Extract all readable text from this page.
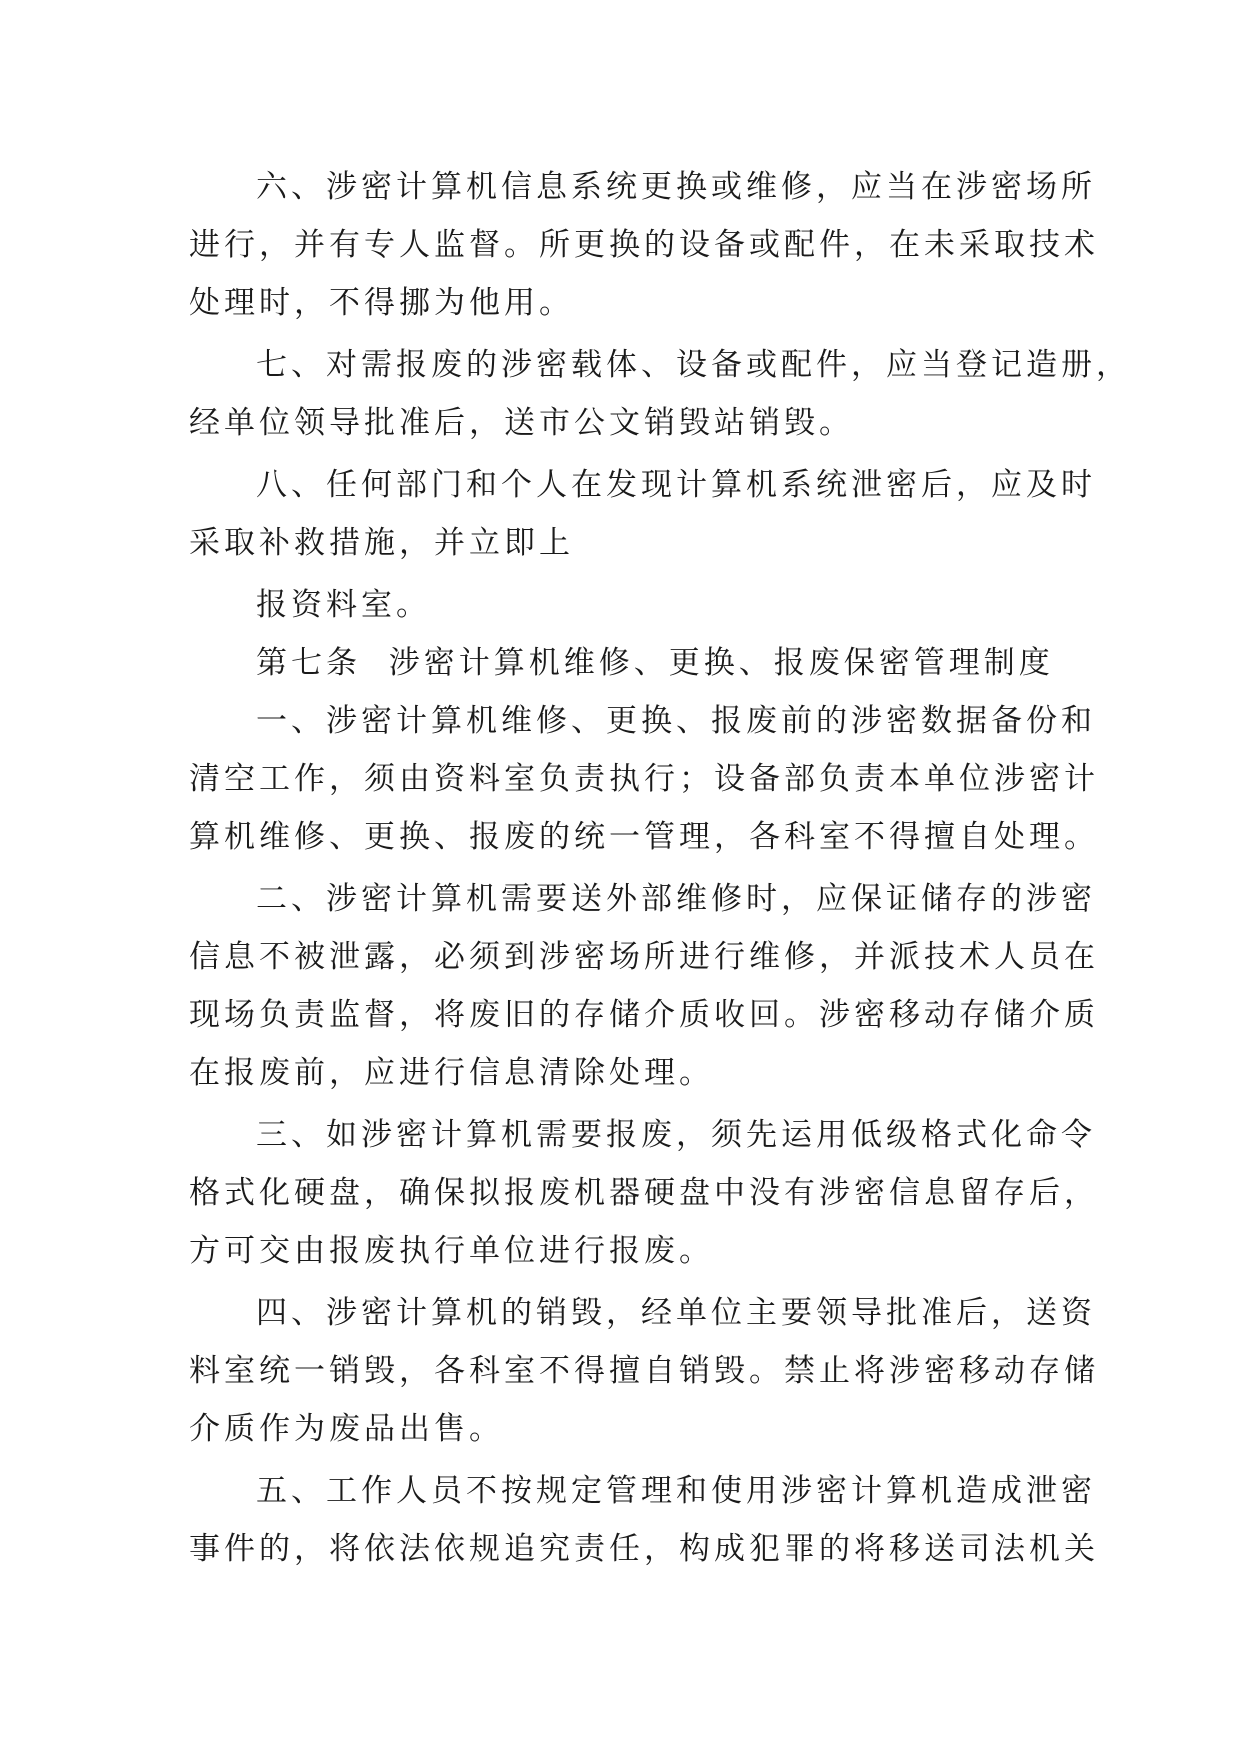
六、涉密计算机信息系统更换或维修，应当在涉密场所
进行，并有专人监督。所更换的设备或配件，在未采取技术
处理时，不得挪为他用。
七、对需报废的涉密载体、设备或配件，应当登记造册，
经单位领导批准后，送市公文销毁站销毁。
八、任何部门和个人在发现计算机系统泄密后，应及时
采取补救措施，并立即上
报资料室。
第七条  涉密计算机维修、更换、报废保密管理制度
一、涉密计算机维修、更换、报废前的涉密数据备份和
清空工作，须由资料室负责执行；设备部负责本单位涉密计
算机维修、更换、报废的统一管理，各科室不得擅自处理。
二、涉密计算机需要送外部维修时，应保证储存的涉密
信息不被泄露，必须到涉密场所进行维修，并派技术人员在
现场负责监督，将废旧的存储介质收回。涉密移动存储介质
在报废前，应进行信息清除处理。
三、如涉密计算机需要报废，须先运用低级格式化命令
格式化硬盘，确保拟报废机器硬盘中没有涉密信息留存后，
方可交由报废执行单位进行报废。
四、涉密计算机的销毁，经单位主要领导批准后，送资
料室统一销毁，各科室不得擅自销毁。禁止将涉密移动存储
介质作为废品出售。
五、工作人员不按规定管理和使用涉密计算机造成泄密
事件的，将依法依规追究责任，构成犯罪的将移送司法机关
